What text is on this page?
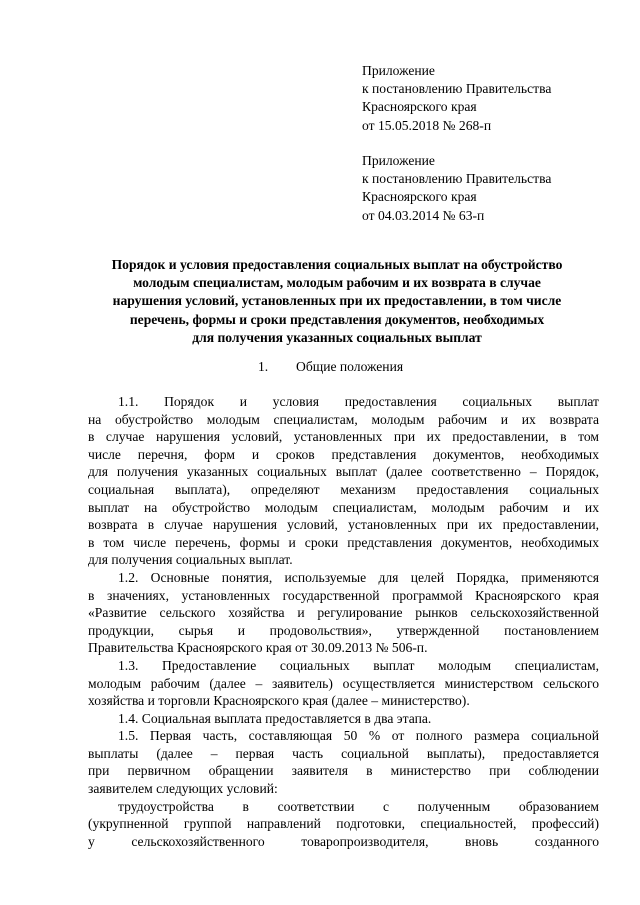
Приложение
к постановлению Правительства
Красноярского края
от 15.05.2018 № 268-п
Приложение
к постановлению Правительства
Красноярского края
от 04.03.2014 № 63-п
Порядок и условия предоставления социальных выплат на обустройство
молодым специалистам, молодым рабочим и их возврата в случае
нарушения условий, установленных при их предоставлении, в том числе
перечень, формы и сроки представления документов, необходимых
для получения указанных социальных выплат
1. Общие положения
1.1. Порядок и условия предоставления социальных выплат
на обустройство молодым специалистам, молодым рабочим и их возврата
в случае нарушения условий, установленных при их предоставлении, в том
числе перечня, форм и сроков представления документов, необходимых
для получения указанных социальных выплат (далее соответственно – Порядок,
социальная выплата), определяют механизм предоставления социальных
выплат на обустройство молодым специалистам, молодым рабочим и их
возврата в случае нарушения условий, установленных при их предоставлении,
в том числе перечень, формы и сроки представления документов, необходимых
для получения социальных выплат.
1.2. Основные понятия, используемые для целей Порядка, применяются
в значениях, установленных государственной программой Красноярского края
«Развитие сельского хозяйства и регулирование рынков сельскохозяйственной
продукции, сырья и продовольствия», утвержденной постановлением
Правительства Красноярского края от 30.09.2013 № 506-п.
1.3. Предоставление социальных выплат молодым специалистам,
молодым рабочим (далее – заявитель) осуществляется министерством сельского
хозяйства и торговли Красноярского края (далее – министерство).
1.4. Социальная выплата предоставляется в два этапа.
1.5. Первая часть, составляющая 50 % от полного размера социальной
выплаты (далее – первая часть социальной выплаты), предоставляется
при первичном обращении заявителя в министерство при соблюдении
заявителем следующих условий:
трудоустройства в соответствии с полученным образованием
(укрупненной группой направлений подготовки, специальностей, профессий)
у сельскохозяйственного товаропроизводителя, вновь созданного
